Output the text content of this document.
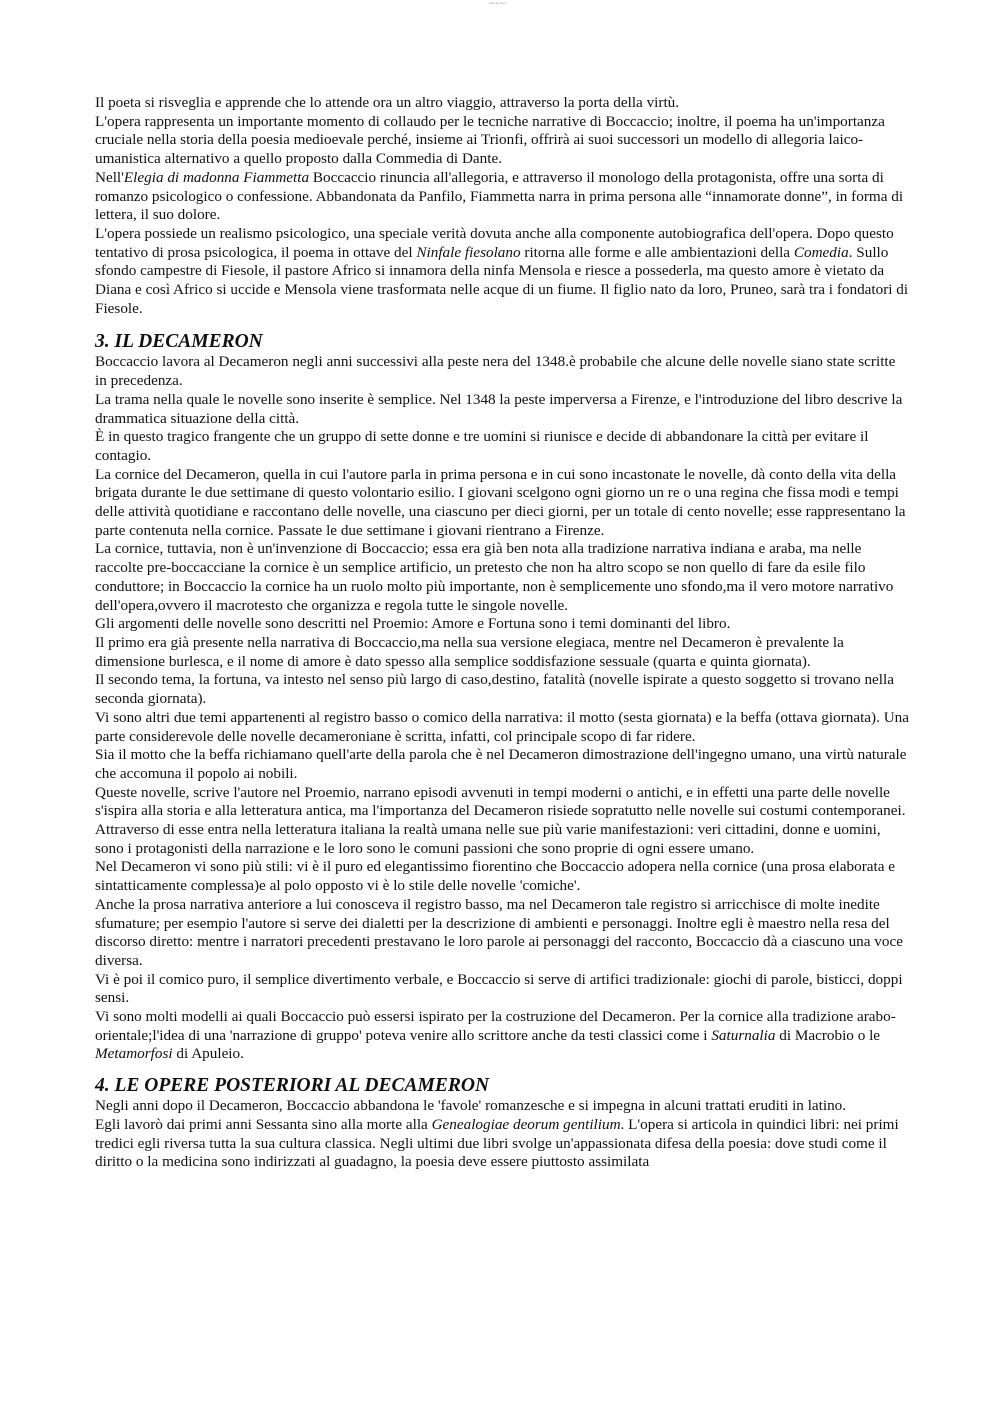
Scuola Zoom

Il poeta si risveglia e apprende che lo attende ora un altro viaggio, attraverso la porta della virtù.

L'opera rappresenta un importante momento di collaudo per le tecniche narrative di Boccaccio; inoltre, il poema ha un'importanza cruciale nella storia della poesia medioevale perché, insieme ai Trionfi, offrirà ai suoi successori un modello di allegoria laico-umanistica alternativo a quello proposto dalla Commedia di Dante.

Nell'Elegia di madonna Fiammetta Boccaccio rinuncia all'allegoria, e attraverso il monologo della protagonista, offre una sorta di romanzo psicologico o confessione. Abbandonata da Panfilo, Fiammetta narra in prima persona alle “innamorate donne”, in forma di lettera, il suo dolore.

L'opera possiede un realismo psicologico, una speciale verità dovuta anche alla componente autobiografica dell'opera. Dopo questo tentativo di prosa psicologica, il poema in ottave del Ninfale fiesolano ritorna alle forme e alle ambientazioni della Comedia. Sullo sfondo campestre di Fiesole, il pastore Africo si innamora della ninfa Mensola e riesce a possederla, ma questo amore è vietato da Diana e così Africo si uccide e Mensola viene trasformata nelle acque di un fiume. Il figlio nato da loro, Pruneo, sarà tra i fondatori di Fiesole.

3. IL DECAMERON

Boccaccio lavora al Decameron negli anni successivi alla peste nera del 1348.è probabile che alcune delle novelle siano state scritte in precedenza.

La trama nella quale le novelle sono inserite è semplice. Nel 1348 la peste imperversa a Firenze, e l'introduzione del libro descrive la drammatica situazione della città.

È in questo tragico frangente che un gruppo di sette donne e tre uomini si riunisce e decide di abbandonare la città per evitare il contagio.

La cornice del Decameron, quella in cui l'autore parla in prima persona e in cui sono incastonate le novelle, dà conto della vita della brigata durante le due settimane di questo volontario esilio. I giovani scelgono ogni giorno un re o una regina che fissa modi e tempi delle attività quotidiane e raccontano delle novelle, una ciascuno per dieci giorni, per un totale di cento novelle; esse rappresentano la parte contenuta nella cornice. Passate le due settimane i giovani rientrano a Firenze.

La cornice, tuttavia, non è un'invenzione di Boccaccio; essa era già ben nota alla tradizione narrativa indiana e araba, ma nelle raccolte pre-boccacciane la cornice è un semplice artificio, un pretesto che non ha altro scopo se non quello di fare da esile filo conduttore; in Boccaccio la cornice ha un ruolo molto più importante, non è semplicemente uno sfondo,ma il vero motore narrativo dell'opera,ovvero il macrotesto che organizza e regola tutte le singole novelle.

Gli argomenti delle novelle sono descritti nel Proemio: Amore e Fortuna sono i temi dominanti del libro.

Il primo era già presente nella narrativa di Boccaccio,ma nella sua versione elegiaca, mentre nel Decameron è prevalente la dimensione burlesca, e il nome di amore è dato spesso alla semplice soddisfazione sessuale (quarta e quinta giornata).

Il secondo tema, la fortuna, va intesto nel senso più largo di caso,destino, fatalità (novelle ispirate a questo soggetto si trovano nella seconda giornata).

Vi sono altri due temi appartenenti al registro basso o comico della narrativa: il motto (sesta giornata) e la beffa (ottava giornata). Una parte considerevole delle novelle decameroniane è scritta, infatti, col principale scopo di far ridere.

Sia il motto che la beffa richiamano quell'arte della parola che è nel Decameron dimostrazione dell'ingegno umano, una virtù naturale che accomuna il popolo ai nobili.

Queste novelle, scrive l'autore nel Proemio, narrano episodi avvenuti in tempi moderni o antichi, e in effetti una parte delle novelle s'ispira alla storia e alla letteratura antica, ma l'importanza del Decameron risiede sopratutto nelle novelle sui costumi contemporanei. Attraverso di esse entra nella letteratura italiana la realtà umana nelle sue più varie manifestazioni: veri cittadini, donne e uomini, sono i protagonisti della narrazione e le loro sono le comuni passioni che sono proprie di ogni essere umano.

Nel Decameron vi sono più stili: vi è il puro ed elegantissimo fiorentino che Boccaccio adopera nella cornice (una prosa elaborata e sintatticamente complessa)e al polo opposto vi è lo stile delle novelle 'comiche'.

Anche la prosa narrativa anteriore a lui conosceva il registro basso, ma nel Decameron tale registro si arricchisce di molte inedite sfumature; per esempio l'autore si serve dei dialetti per la descrizione di ambienti e personaggi. Inoltre egli è maestro nella resa del discorso diretto: mentre i narratori precedenti prestavano le loro parole ai personaggi del racconto, Boccaccio dà a ciascuno una voce diversa.

Vi è poi il comico puro, il semplice divertimento verbale, e Boccaccio si serve di artifici tradizionale: giochi di parole, bisticci, doppi sensi.

Vi sono molti modelli ai quali Boccaccio può essersi ispirato per la costruzione del Decameron. Per la cornice alla tradizione arabo-orientale;l'idea di una 'narrazione di gruppo' poteva venire allo scrittore anche da testi classici come i Saturnalia di Macrobio o le Metamorfosi di Apuleio.

4. LE OPERE POSTERIORI AL DECAMERON

Negli anni dopo il Decameron, Boccaccio abbandona le 'favole' romanzesche e si impegna in alcuni trattati eruditi in latino.

Egli lavorò dai primi anni Sessanta sino alla morte alla Genealogiae deorum gentilium. L'opera si articola in quindici libri: nei primi tredici egli riversa tutta la sua cultura classica. Negli ultimi due libri svolge un'appassionata difesa della poesia: dove studi come il diritto o la medicina sono indirizzati al guadagno, la poesia deve essere piuttosto assimilata
